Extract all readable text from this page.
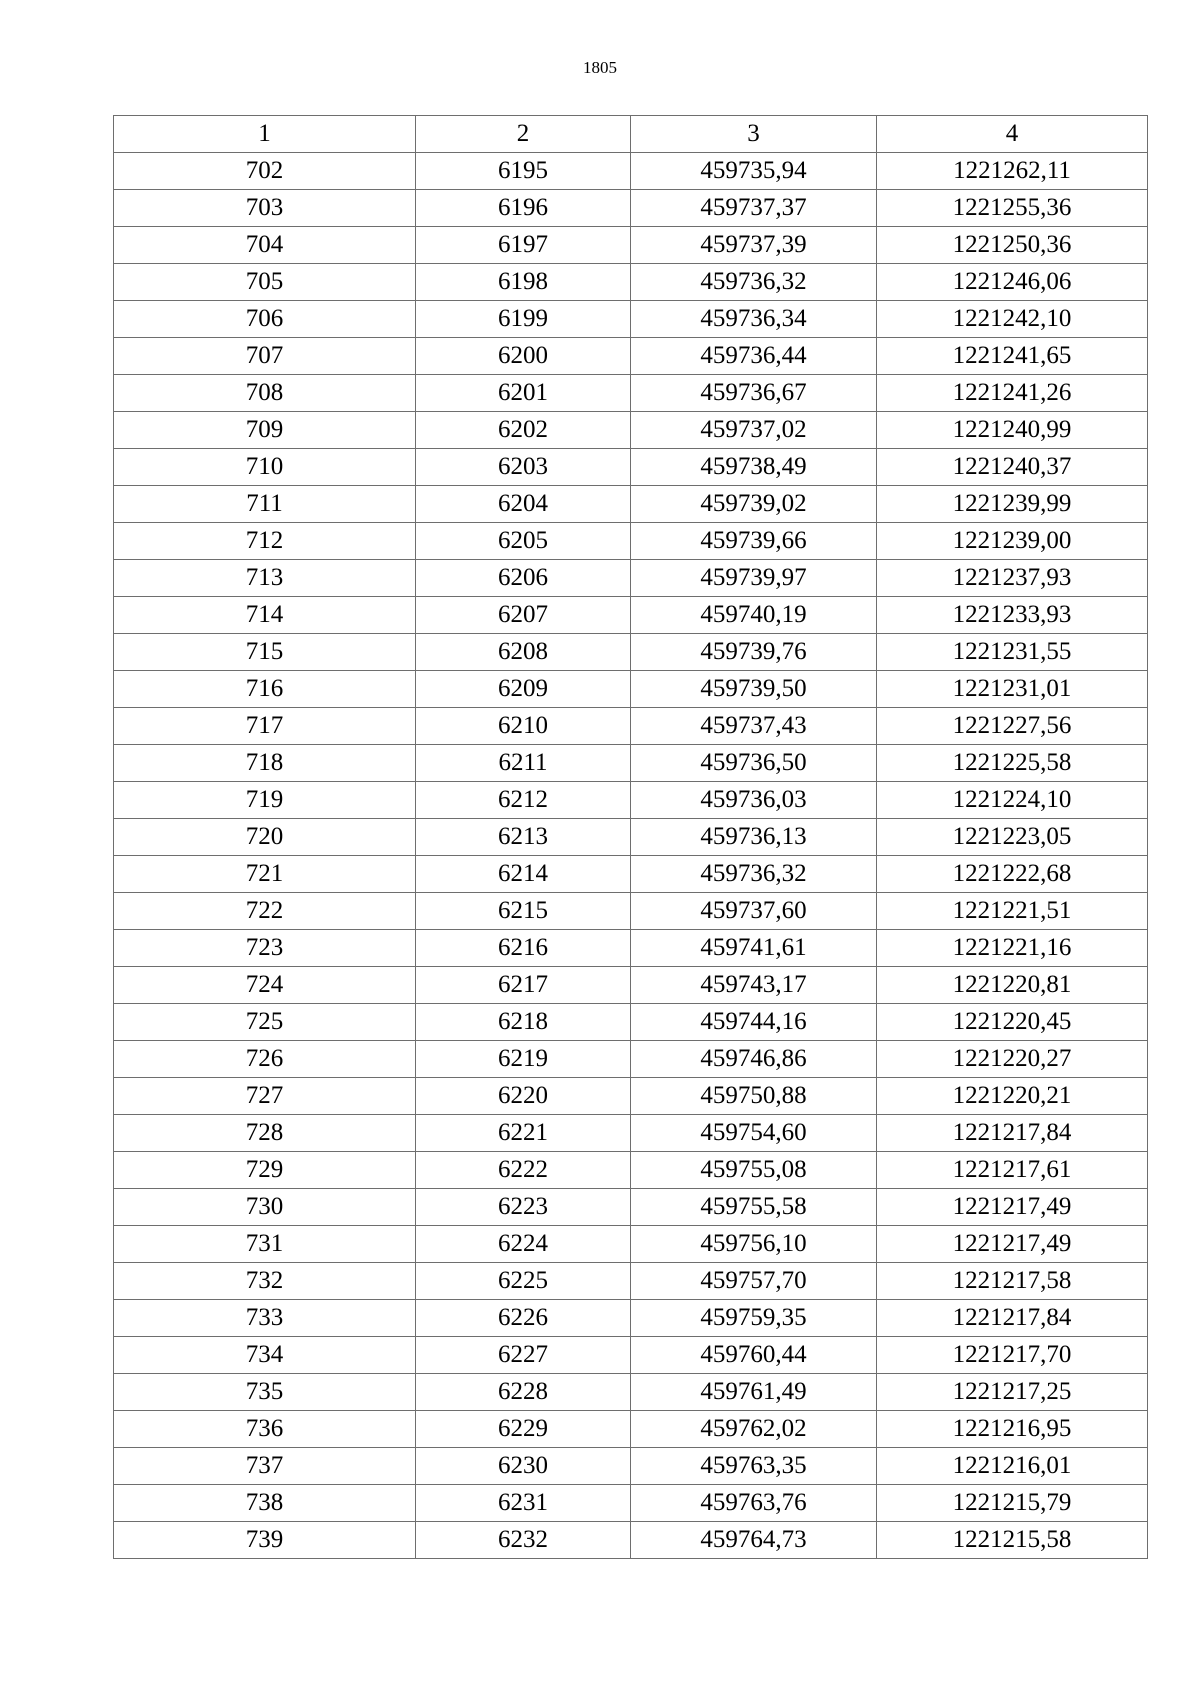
1805
1	2	3	4
702	6195	459735,94	1221262,11
703	6196	459737,37	1221255,36
704	6197	459737,39	1221250,36
705	6198	459736,32	1221246,06
706	6199	459736,34	1221242,10
707	6200	459736,44	1221241,65
708	6201	459736,67	1221241,26
709	6202	459737,02	1221240,99
710	6203	459738,49	1221240,37
711	6204	459739,02	1221239,99
712	6205	459739,66	1221239,00
713	6206	459739,97	1221237,93
714	6207	459740,19	1221233,93
715	6208	459739,76	1221231,55
716	6209	459739,50	1221231,01
717	6210	459737,43	1221227,56
718	6211	459736,50	1221225,58
719	6212	459736,03	1221224,10
720	6213	459736,13	1221223,05
721	6214	459736,32	1221222,68
722	6215	459737,60	1221221,51
723	6216	459741,61	1221221,16
724	6217	459743,17	1221220,81
725	6218	459744,16	1221220,45
726	6219	459746,86	1221220,27
727	6220	459750,88	1221220,21
728	6221	459754,60	1221217,84
729	6222	459755,08	1221217,61
730	6223	459755,58	1221217,49
731	6224	459756,10	1221217,49
732	6225	459757,70	1221217,58
733	6226	459759,35	1221217,84
734	6227	459760,44	1221217,70
735	6228	459761,49	1221217,25
736	6229	459762,02	1221216,95
737	6230	459763,35	1221216,01
738	6231	459763,76	1221215,79
739	6232	459764,73	1221215,58
